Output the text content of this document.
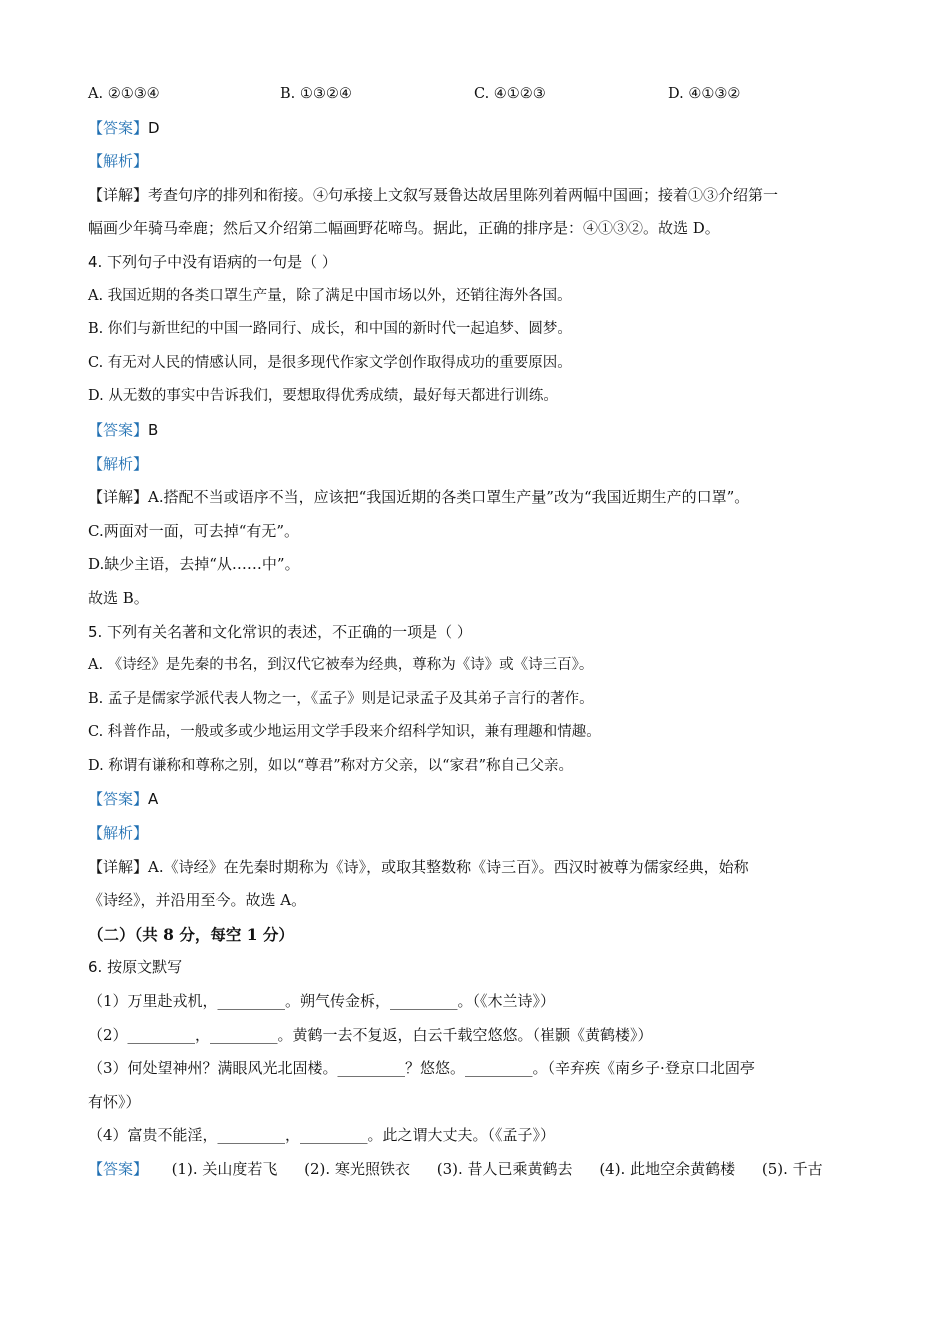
A. ②①③④	B. ①③②④	C. ④①②③	D. ④①③②
【答案】D
【解析】
【详解】考查句序的排列和衔接。④句承接上文叙写聂鲁达故居里陈列着两幅中国画；接着①③介绍第一
幅画少年骑马牵鹿；然后又介绍第二幅画野花啼鸟。据此，正确的排序是：④①③②。故选 D。
4. 下列句子中没有语病的一句是（ ）
A. 我国近期的各类口罩生产量，除了满足中国市场以外，还销往海外各国。
B. 你们与新世纪的中国一路同行、成长，和中国的新时代一起追梦、圆梦。
C. 有无对人民的情感认同，是很多现代作家文学创作取得成功的重要原因。
D. 从无数的事实中告诉我们，要想取得优秀成绩，最好每天都进行训练。
【答案】B
【解析】
【详解】A.搭配不当或语序不当，应该把“我国近期的各类口罩生产量”改为“我国近期生产的口罩”。
C.两面对一面，可去掉“有无”。
D.缺少主语，去掉“从……中”。
故选 B。
5. 下列有关名著和文化常识的表述，不正确的一项是（ ）
A. 《诗经》是先秦的书名，到汉代它被奉为经典，尊称为《诗》或《诗三百》。
B. 孟子是儒家学派代表人物之一，《孟子》则是记录孟子及其弟子言行的著作。
C. 科普作品，一般或多或少地运用文学手段来介绍科学知识，兼有理趣和情趣。
D. 称谓有谦称和尊称之别，如以“尊君”称对方父亲，以“家君”称自己父亲。
【答案】A
【解析】
【详解】A.《诗经》在先秦时期称为《诗》，或取其整数称《诗三百》。西汉时被尊为儒家经典，始称
《诗经》，并沿用至今。故选 A。
（二）（共 8 分，每空 1 分）
6. 按原文默写
（1）万里赴戎机，_________。朔气传金柝，_________。（《木兰诗》）
（2）_________，_________。黄鹤一去不复返，白云千载空悠悠。（崔颢《黄鹤楼》）
（3）何处望神州？满眼风光北固楼。_________？悠悠。_________。（辛弃疾《南乡子·登京口北固亭
有怀》）
（4）富贵不能淫，_________，_________。此之谓大丈夫。（《孟子》）
【答案】 (1). 关山度若飞 (2). 寒光照铁衣 (3). 昔人已乘黄鹤去 (4). 此地空余黄鹤楼 (5). 千古
